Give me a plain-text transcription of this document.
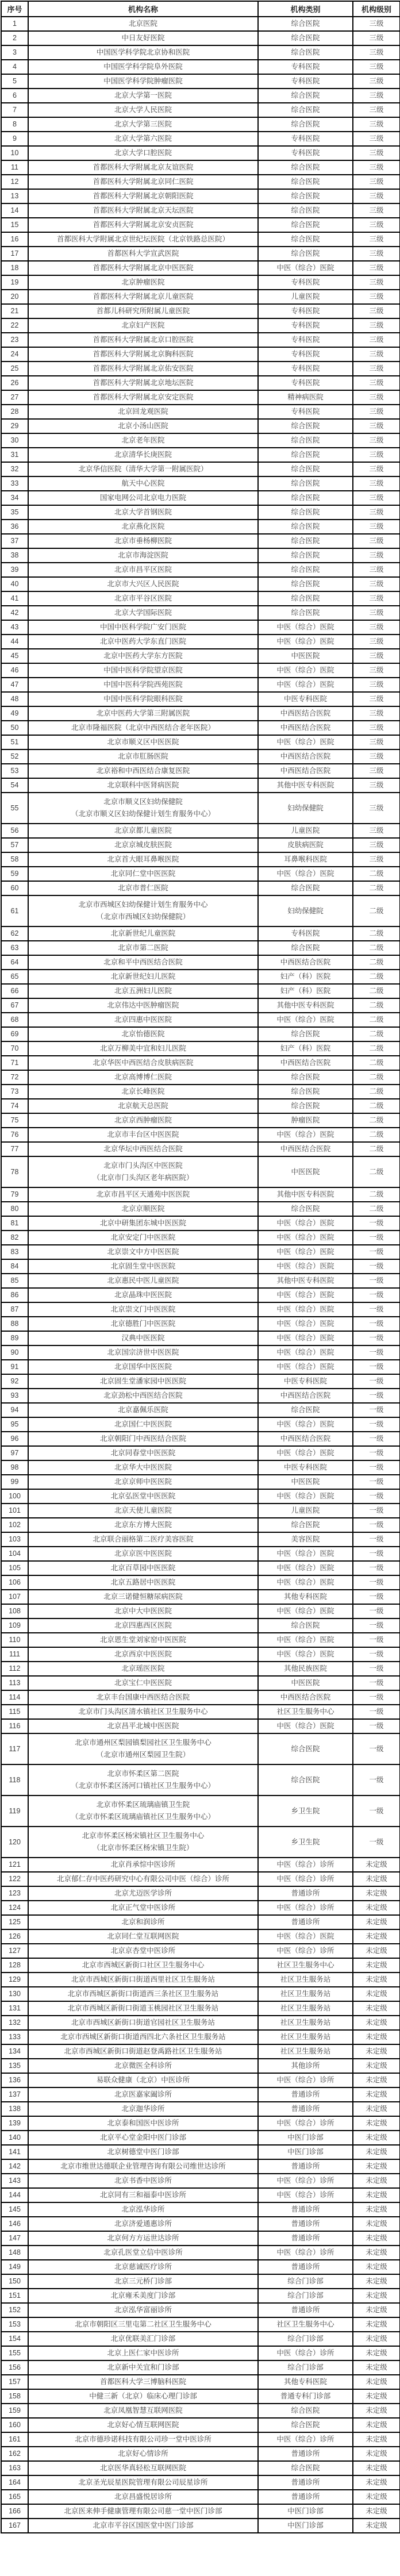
序号	机构名称	机构类别	机构级别
1	北京医院	综合医院	三级
2	中日友好医院	综合医院	三级
3	中国医学科学院北京协和医院	综合医院	三级
4	中国医学科学院阜外医院	专科医院	三级
5	中国医学科学院肿瘤医院	专科医院	三级
6	北京大学第一医院	综合医院	三级
7	北京大学人民医院	综合医院	三级
8	北京大学第三医院	综合医院	三级
9	北京大学第六医院	专科医院	三级
10	北京大学口腔医院	专科医院	三级
11	首都医科大学附属北京友谊医院	综合医院	三级
12	首都医科大学附属北京同仁医院	综合医院	三级
13	首都医科大学附属北京朝阳医院	综合医院	三级
14	首都医科大学附属北京天坛医院	综合医院	三级
15	首都医科大学附属北京安贞医院	综合医院	三级
16	首都医科大学附属北京世纪坛医院（北京铁路总医院）	综合医院	三级
17	首都医科大学宣武医院	综合医院	三级
18	首都医科大学附属北京中医医院	中医（综合）医院	三级
19	北京肿瘤医院	专科医院	三级
20	首都医科大学附属北京儿童医院	儿童医院	三级
21	首都儿科研究所附属儿童医院	专科医院	三级
22	北京妇产医院	专科医院	三级
23	首都医科大学附属北京口腔医院	专科医院	三级
24	首都医科大学附属北京胸科医院	专科医院	三级
25	首都医科大学附属北京佑安医院	专科医院	三级
26	首都医科大学附属北京地坛医院	专科医院	三级
27	首都医科大学附属北京安定医院	精神病医院	三级
28	北京回龙观医院	专科医院	三级
29	北京小汤山医院	综合医院	三级
30	北京老年医院	综合医院	三级
31	北京清华长庚医院	综合医院	三级
32	北京华信医院（清华大学第一附属医院）	综合医院	三级
33	航天中心医院	综合医院	三级
34	国家电网公司北京电力医院	综合医院	三级
35	北京大学首钢医院	综合医院	三级
36	北京燕化医院	综合医院	三级
37	北京市垂杨柳医院	综合医院	三级
38	北京市海淀医院	综合医院	三级
39	北京市昌平区医院	综合医院	三级
40	北京市大兴区人民医院	综合医院	三级
41	北京市平谷区医院	综合医院	三级
42	北京大学国际医院	综合医院	三级
43	中国中医科学院广安门医院	中医（综合）医院	三级
44	北京中医药大学东直门医院	中医（综合）医院	三级
45	北京中医药大学东方医院	中医医院	三级
46	中国中医科学院望京医院	中医（综合）医院	三级
47	中国中医科学院西苑医院	中医（综合）医院	三级
48	中国中医科学院眼科医院	中医专科医院	三级
49	北京中医药大学第三附属医院	中西医结合医院	三级
50	北京市隆福医院（北京中西医结合老年医院）	中西医结合医院	三级
51	北京市顺义区中医医院	中医（综合）医院	三级
52	北京市肛肠医院	中西医结合医院	三级
53	北京裕和中西医结合康复医院	中西医结合医院	三级
54	北京联科中医肾病医院	其他中医专科医院	三级
55	北京市顺义区妇幼保健院
（北京市顺义区妇幼保健计划生育服务中心）	妇幼保健院	三级
56	北京京都儿童医院	儿童医院	三级
57	北京京城皮肤医院	皮肤病医院	三级
58	北京首大眼耳鼻喉医院	耳鼻喉科医院	三级
59	北京同仁堂中医医院	中医（综合）医院	二级
60	北京市普仁医院	综合医院	二级
61	北京市西城区妇幼保健计划生育服务中心
（北京市西城区妇幼保健院）	妇幼保健院	二级
62	北京新世纪儿童医院	专科医院	二级
63	北京市第二医院	综合医院	二级
64	北京和平中西医结合医院	中西医结合医院	二级
65	北京新世纪妇儿医院	妇产（科）医院	二级
66	北京五洲妇儿医院	妇产（科）医院	二级
67	北京伟达中医肿瘤医院	其他中医专科医院	二级
68	北京四惠中医医院	中医（综合）医院	二级
69	北京怡德医院	综合医院	二级
70	北京万柳美中宜和妇儿医院	妇产（科）医院	二级
71	北京华医中西医结合皮肤病医院	中西医结合医院	二级
72	北京高博博仁医院	综合医院	二级
73	北京长峰医院	综合医院	二级
74	北京航天总医院	综合医院	二级
75	北京京西肿瘤医院	肿瘤医院	二级
76	北京市丰台区中医医院	中医（综合）医院	二级
77	北京华坛中西医结合医院	中西医结合医院	二级
78	北京市门头沟区中医医院
（北京市门头沟区老年病医院）	中医医院	二级
79	北京市昌平区天通苑中医医院	其他中医专科医院	二级
80	北京京顺医院	综合医院	二级
81	北京中研集团东城中医医院	中医（综合）医院	一级
82	北京安定门中医医院	中医（综合）医院	一级
83	北京崇文中方中医医院	中医（综合）医院	一级
84	北京固生堂中医医院	中医（综合）医院	一级
85	北京惠民中医儿童医院	其他中医专科医院	一级
86	北京晶珠中医医院	中医（综合）医院	一级
87	北京崇文门中医医院	中医（综合）医院	一级
88	北京德胜门中医医院	中医（综合）医院	一级
89	汉典中医医院	中医（综合）医院	一级
90	北京国宗济世中医医院	中医（综合）医院	一级
91	北京国华中医医院	中医（综合）医院	一级
92	北京固生堂潘家园中医医院	中医专科医院	一级
93	北京劲松中西医结合医院	中西医结合医院	一级
94	北京嘉佩乐医院	综合医院	一级
95	北京国仁中医医院	中医（综合）医院	一级
96	北京朝阳门中西医结合医院	中西医结合医院	一级
97	北京同春堂中医医院	中医（综合）医院	一级
98	北京华大中医医院	中医专科医院	一级
99	北京京师中医医院	中医医院	一级
100	北京弘医堂中医医院	中医（综合）医院	一级
101	北京天使儿童医院	儿童医院	一级
102	北京东方博大医院	综合医院	一级
103	北京联合丽格第二医疗美容医院	美容医院	一级
104	北京京医中医医院	中医（综合）医院	一级
105	北京百草园中医医院	中医（综合）医院	一级
106	北京五路居中医医院	中医（综合）医院	一级
107	北京三诺健恒糖尿病医院	其他专科医院	一级
108	北京中大中医医院	中医（综合）医院	一级
109	北京四惠西区医院	综合医院	一级
110	北京恩生堂刘家窑中医医院	中医（综合）医院	一级
111	北京西京中医医院	中医（综合）医院	一级
112	北京瑶医医院	其他民族医院	一级
113	北京宝仁中医医院	中医医院	一级
114	北京丰台国康中西医结合医院	中西医结合医院	一级
115	北京市门头沟区清水镇社区卫生服务中心	社区卫生服务中心	一级
116	北京昌平北城中医医院	中医（综合）医院	一级
117	北京市通州区梨园镇梨园社区卫生服务中心
（北京市通州区梨园卫生院）	综合医院	一级
118	北京市怀柔区第二医院
（北京市怀柔区汤河口镇社区卫生服务中心）	综合医院	一级
119	北京市怀柔区琉璃庙镇卫生院
（北京市怀柔区琉璃庙镇社区卫生服务中心）	乡卫生院	一级
120	北京市怀柔区杨宋镇社区卫生服务中心
（北京市怀柔区杨宋镇卫生院）	乡卫生院	一级
121	北京肖承悰中医诊所	中医（综合）诊所	未定级
122	北京郁仁存中医药研究中心有限公司中医（综合）诊所	中医（综合）诊所	未定级
123	北京尤迈医学诊所	普通诊所	未定级
124	北京正气堂中医诊所	中医（综合）诊所	未定级
125	北京和润诊所	普通诊所	未定级
126	北京同仁堂互联网医院	中医（综合）医院	未定级
127	北京京杏堂中医诊所	中医（综合）诊所	未定级
128	北京市西城区新街口社区卫生服务中心	社区卫生服务中心	未定级
129	北京市西城区新街口街道西里社区卫生服务站	社区卫生服务站	未定级
130	北京市西城区新街口街道西三条社区卫生服务站	社区卫生服务站	未定级
131	北京市西城区新街口街道玉桃园社区卫生服务站	社区卫生服务站	未定级
132	北京市西城区新街口街道官园社区卫生服务站	社区卫生服务站	未定级
133	北京市西城区新街口街道西四北六条社区卫生服务站	社区卫生服务站	未定级
134	北京市西城区新街口街道赵登禹路社区卫生服务站	社区卫生服务站	未定级
135	北京微医全科诊所	其他诊所	未定级
136	易联众健康（北京）中医诊所	中医（综合）诊所	未定级
137	北京医嘉家阖诊所	普通诊所	未定级
138	北京迦华诊所	普通诊所	未定级
139	北京泰和国医中医诊所	中医（综合）诊所	未定级
140	北京平心堂金阳中医门诊部	中医门诊部	未定级
141	北京树德堂中医门诊部	中医门诊部	未定级
142	北京市维世达德联企业管理咨询有限公司维世达诊所	普通诊所	未定级
143	北京书香中医诊所	中医（综合）诊所	未定级
144	北京同有三和福泰中医诊所	中医（综合）诊所	未定级
145	北京泓华诊所	普通诊所	未定级
146	北京济爱通惠诊所	普通诊所	未定级
147	北京何方方运世达诊所	普通诊所	未定级
148	北京孔医堂立信中医诊所	中医（综合）诊所	未定级
149	北京慈诚医疗诊所	普通诊所	未定级
150	北京三元桥门诊部	综合门诊部	未定级
151	北京雍禾美度门诊部	综合门诊部	未定级
152	北京泓华富丽诊所	普通诊所	未定级
153	北京市朝阳区三里屯第二社区卫生服务中心	社区卫生服务中心	未定级
154	北京优联美汇门诊部	综合门诊部	未定级
155	北京上医仁家中医诊所	中医（综合）诊所	未定级
156	北京新中关宜和门诊部	综合门诊部	未定级
157	首都医科大学三博脑科医院	其他专科医院	未定级
158	中健三新（北京）临床心理门诊部	普通专科门诊部	未定级
159	北京凤凰智慧互联网医院	综合医院	未定级
160	北京好心情互联网医院	综合医院	未定级
161	北京市德珍诺科技有限公司珍一堂中医诊所	中医（综合）诊所	未定级
162	北京好心情诊所	普通诊所	未定级
163	北京医华真轻松互联网医院	综合医院	未定级
164	北京圣光辰星医院管理有限公司辰星诊所	普通诊所	未定级
165	北京昌盛悦居诊所	普通诊所	未定级
166	北京医来伸手健康管理有限公司慈一堂中医门诊部	中医门诊部	未定级
167	北京市平谷区国医堂中医门诊部	中医门诊部	未定级
